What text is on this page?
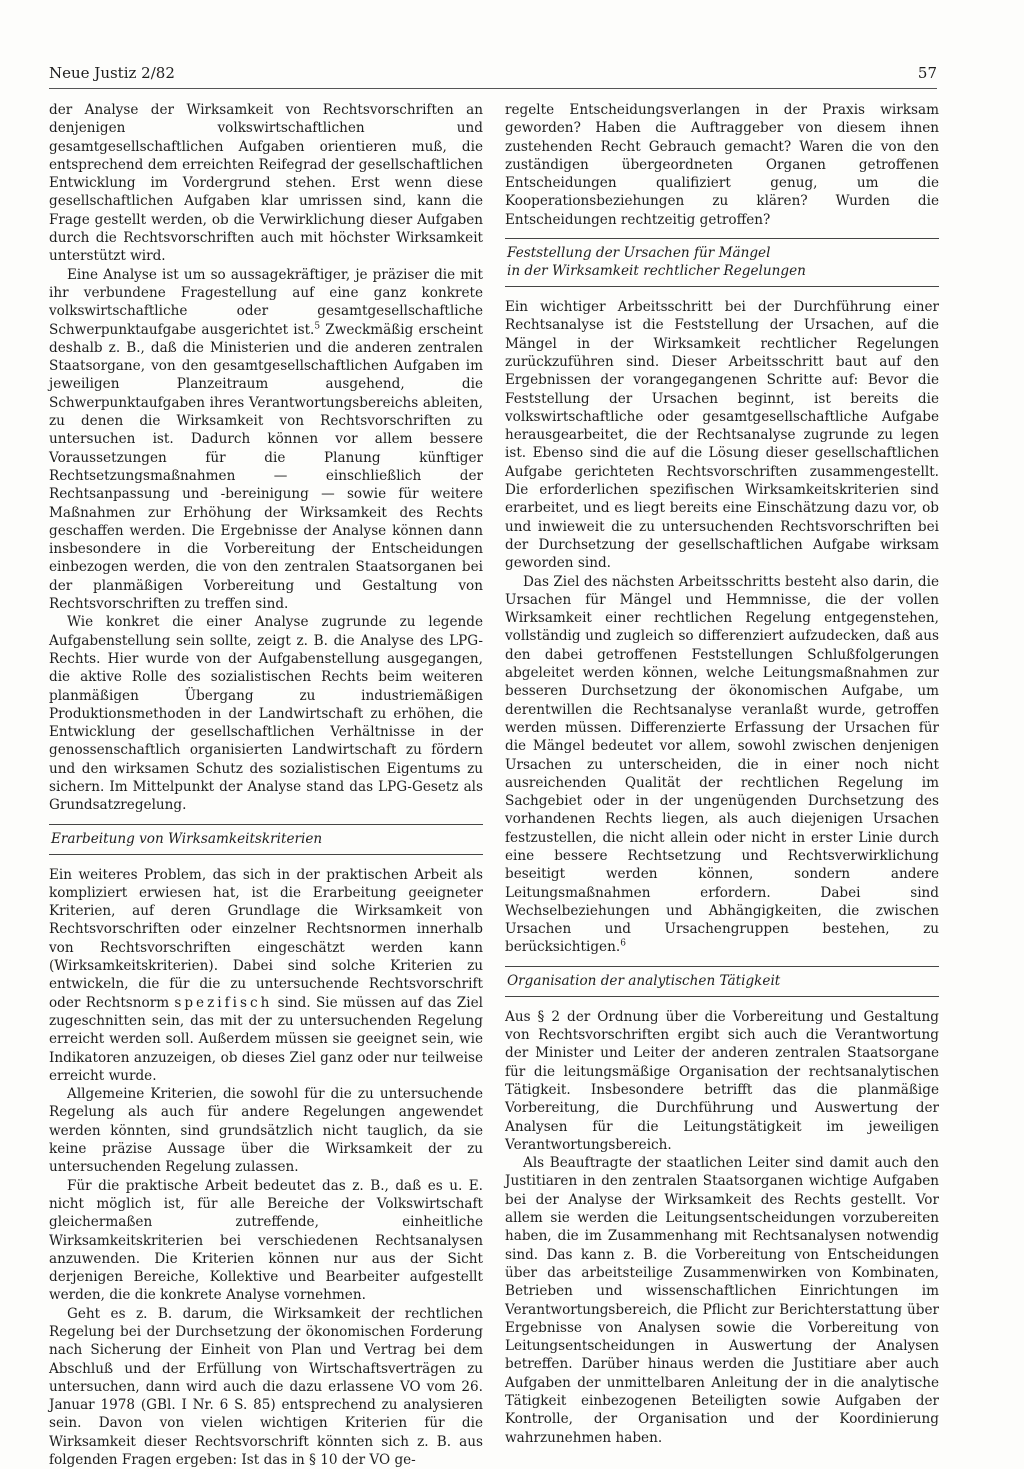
Neue Justiz 2/82	57

der Analyse der Wirksamkeit von Rechtsvorschriften an denjenigen volkswirtschaftlichen und gesamtgesellschaftlichen Aufgaben orientieren muß, die entsprechend dem erreichten Reifegrad der gesellschaftlichen Entwicklung im Vordergrund stehen. Erst wenn diese gesellschaftlichen Aufgaben klar umrissen sind, kann die Frage gestellt werden, ob die Verwirklichung dieser Aufgaben durch die Rechtsvorschriften auch mit höchster Wirksamkeit unterstützt wird.

Eine Analyse ist um so aussagekräftiger, je präziser die mit ihr verbundene Fragestellung auf eine ganz konkrete volkswirtschaftliche oder gesamtgesellschaftliche Schwerpunktaufgabe ausgerichtet ist.$^5$ Zweckmäßig erscheint deshalb z. B., daß die Ministerien und die anderen zentralen Staatsorgane, von den gesamtgesellschaftlichen Aufgaben im jeweiligen Planzeitraum ausgehend, die Schwerpunktaufgaben ihres Verantwortungsbereichs ableiten, zu denen die Wirksamkeit von Rechtsvorschriften zu untersuchen ist. Dadurch können vor allem bessere Voraussetzungen für die Planung künftiger Rechtsetzungsmaßnahmen — einschließlich der Rechtsanpassung und -bereinigung — sowie für weitere Maßnahmen zur Erhöhung der Wirksamkeit des Rechts geschaffen werden. Die Ergebnisse der Analyse können dann insbesondere in die Vorbereitung der Entscheidungen einbezogen werden, die von den zentralen Staatsorganen bei der planmäßigen Vorbereitung und Gestaltung von Rechtsvorschriften zu treffen sind.

Wie konkret die einer Analyse zugrunde zu legende Aufgabenstellung sein sollte, zeigt z. B. die Analyse des LPG-Rechts. Hier wurde von der Aufgabenstellung ausgegangen, die aktive Rolle des sozialistischen Rechts beim weiteren planmäßigen Übergang zu industriemäßigen Produktionsmethoden in der Landwirtschaft zu erhöhen, die Entwicklung der gesellschaftlichen Verhältnisse in der genossenschaftlich organisierten Landwirtschaft zu fördern und den wirksamen Schutz des sozialistischen Eigentums zu sichern. Im Mittelpunkt der Analyse stand das LPG-Gesetz als Grundsatzregelung.

Erarbeitung von Wirksamkeitskriterien

Ein weiteres Problem, das sich in der praktischen Arbeit als kompliziert erwiesen hat, ist die Erarbeitung geeigneter Kriterien, auf deren Grundlage die Wirksamkeit von Rechtsvorschriften oder einzelner Rechtsnormen innerhalb von Rechtsvorschriften eingeschätzt werden kann (Wirksamkeitskriterien). Dabei sind solche Kriterien zu entwickeln, die für die zu untersuchende Rechtsvorschrift oder Rechtsnorm spezifisch sind. Sie müssen auf das Ziel zugeschnitten sein, das mit der zu untersuchenden Regelung erreicht werden soll. Außerdem müssen sie geeignet sein, wie Indikatoren anzuzeigen, ob dieses Ziel ganz oder nur teilweise erreicht wurde.

Allgemeine Kriterien, die sowohl für die zu untersuchende Regelung als auch für andere Regelungen angewendet werden könnten, sind grundsätzlich nicht tauglich, da sie keine präzise Aussage über die Wirksamkeit der zu untersuchenden Regelung zulassen.

Für die praktische Arbeit bedeutet das z. B., daß es u. E. nicht möglich ist, für alle Bereiche der Volkswirtschaft gleichermaßen zutreffende, einheitliche Wirksamkeitskriterien bei verschiedenen Rechtsanalysen anzuwenden. Die Kriterien können nur aus der Sicht derjenigen Bereiche, Kollektive und Bearbeiter aufgestellt werden, die die konkrete Analyse vornehmen.

Geht es z. B. darum, die Wirksamkeit der rechtlichen Regelung bei der Durchsetzung der ökonomischen Forderung nach Sicherung der Einheit von Plan und Vertrag bei dem Abschluß und der Erfüllung von Wirtschaftsverträgen zu untersuchen, dann wird auch die dazu erlassene VO vom 26. Januar 1978 (GBl. I Nr. 6 S. 85) entsprechend zu analysieren sein. Davon von vielen wichtigen Kriterien für die Wirksamkeit dieser Rechtsvorschrift könnten sich z. B. aus folgenden Fragen ergeben: Ist das in § 10 der VO ge-

regelte Entscheidungsverlangen in der Praxis wirksam geworden? Haben die Auftraggeber von diesem ihnen zustehenden Recht Gebrauch gemacht? Waren die von den zuständigen übergeordneten Organen getroffenen Entscheidungen qualifiziert genug, um die Kooperationsbeziehungen zu klären? Wurden die Entscheidungen rechtzeitig getroffen?

Feststellung der Ursachen für Mängel
in der Wirksamkeit rechtlicher Regelungen

Ein wichtiger Arbeitsschritt bei der Durchführung einer Rechtsanalyse ist die Feststellung der Ursachen, auf die Mängel in der Wirksamkeit rechtlicher Regelungen zurückzuführen sind. Dieser Arbeitsschritt baut auf den Ergebnissen der vorangegangenen Schritte auf: Bevor die Feststellung der Ursachen beginnt, ist bereits die volkswirtschaftliche oder gesamtgesellschaftliche Aufgabe herausgearbeitet, die der Rechtsanalyse zugrunde zu legen ist. Ebenso sind die auf die Lösung dieser gesellschaftlichen Aufgabe gerichteten Rechtsvorschriften zusammengestellt. Die erforderlichen spezifischen Wirksamkeitskriterien sind erarbeitet, und es liegt bereits eine Einschätzung dazu vor, ob und inwieweit die zu untersuchenden Rechtsvorschriften bei der Durchsetzung der gesellschaftlichen Aufgabe wirksam geworden sind.

Das Ziel des nächsten Arbeitsschritts besteht also darin, die Ursachen für Mängel und Hemmnisse, die der vollen Wirksamkeit einer rechtlichen Regelung entgegenstehen, vollständig und zugleich so differenziert aufzudecken, daß aus den dabei getroffenen Feststellungen Schlußfolgerungen abgeleitet werden können, welche Leitungsmaßnahmen zur besseren Durchsetzung der ökonomischen Aufgabe, um derentwillen die Rechtsanalyse veranlaßt wurde, getroffen werden müssen. Differenzierte Erfassung der Ursachen für die Mängel bedeutet vor allem, sowohl zwischen denjenigen Ursachen zu unterscheiden, die in einer noch nicht ausreichenden Qualität der rechtlichen Regelung im Sachgebiet oder in der ungenügenden Durchsetzung des vorhandenen Rechts liegen, als auch diejenigen Ursachen festzustellen, die nicht allein oder nicht in erster Linie durch eine bessere Rechtsetzung und Rechtsverwirklichung beseitigt werden können, sondern andere Leitungsmaßnahmen erfordern. Dabei sind Wechselbeziehungen und Abhängigkeiten, die zwischen Ursachen und Ursachengruppen bestehen, zu berücksichtigen.$^6$

Organisation der analytischen Tätigkeit

Aus § 2 der Ordnung über die Vorbereitung und Gestaltung von Rechtsvorschriften ergibt sich auch die Verantwortung der Minister und Leiter der anderen zentralen Staatsorgane für die leitungsmäßige Organisation der rechtsanalytischen Tätigkeit. Insbesondere betrifft das die planmäßige Vorbereitung, die Durchführung und Auswertung der Analysen für die Leitungstätigkeit im jeweiligen Verantwortungsbereich.

Als Beauftragte der staatlichen Leiter sind damit auch den Justitiaren in den zentralen Staatsorganen wichtige Aufgaben bei der Analyse der Wirksamkeit des Rechts gestellt. Vor allem sie werden die Leitungsentscheidungen vorzubereiten haben, die im Zusammenhang mit Rechtsanalysen notwendig sind. Das kann z. B. die Vorbereitung von Entscheidungen über das arbeitsteilige Zusammenwirken von Kombinaten, Betrieben und wissenschaftlichen Einrichtungen im Verantwortungsbereich, die Pflicht zur Berichterstattung über Ergebnisse von Analysen sowie die Vorbereitung von Leitungsentscheidungen in Auswertung der Analysen betreffen. Darüber hinaus werden die Justitiare aber auch Aufgaben der unmittelbaren Anleitung der in die analytische Tätigkeit einbezogenen Beteiligten sowie Aufgaben der Kontrolle, der Organisation und der Koordinierung wahrzunehmen haben.
